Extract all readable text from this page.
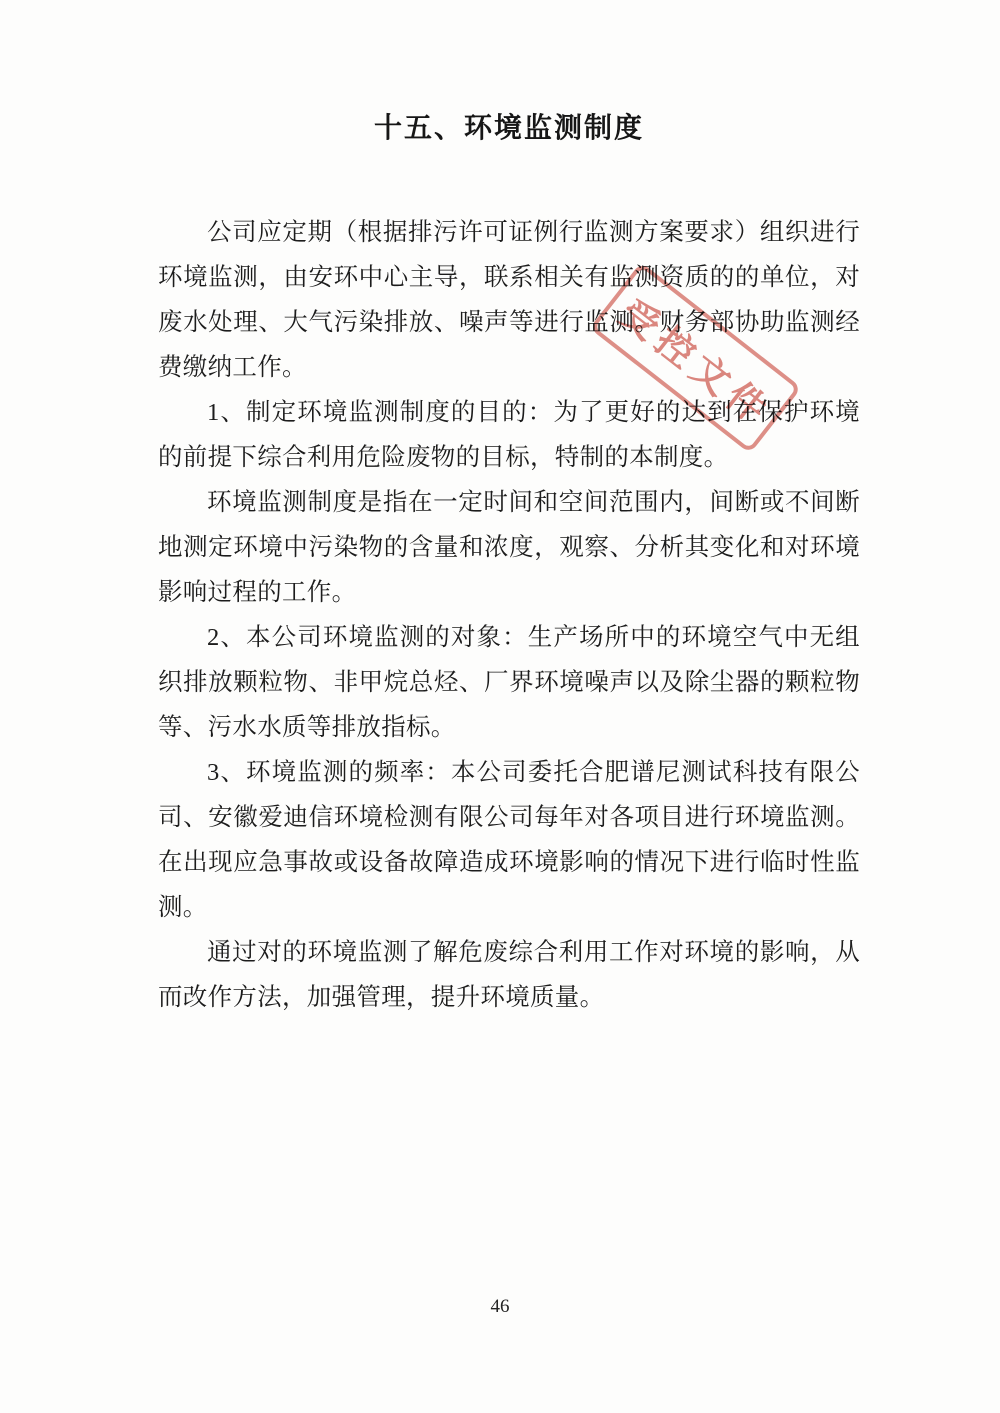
十五、环境监测制度

公司应定期（根据排污许可证例行监测方案要求）组织进行环境监测，由安环中心主导，联系相关有监测资质的的单位，对废水处理、大气污染排放、噪声等进行监测。财务部协助监测经费缴纳工作。

1、制定环境监测制度的目的：为了更好的达到在保护环境的前提下综合利用危险废物的目标，特制的本制度。

环境监测制度是指在一定时间和空间范围内，间断或不间断地测定环境中污染物的含量和浓度，观察、分析其变化和对环境影响过程的工作。

2、本公司环境监测的对象：生产场所中的环境空气中无组织排放颗粒物、非甲烷总烃、厂界环境噪声以及除尘器的颗粒物等、污水水质等排放指标。

3、环境监测的频率：本公司委托合肥谱尼测试科技有限公司、安徽爱迪信环境检测有限公司每年对各项目进行环境监测。在出现应急事故或设备故障造成环境影响的情况下进行临时性监测。

通过对的环境监测了解危废综合利用工作对环境的影响，从而改作方法，加强管理，提升环境质量。

受控文件
46
